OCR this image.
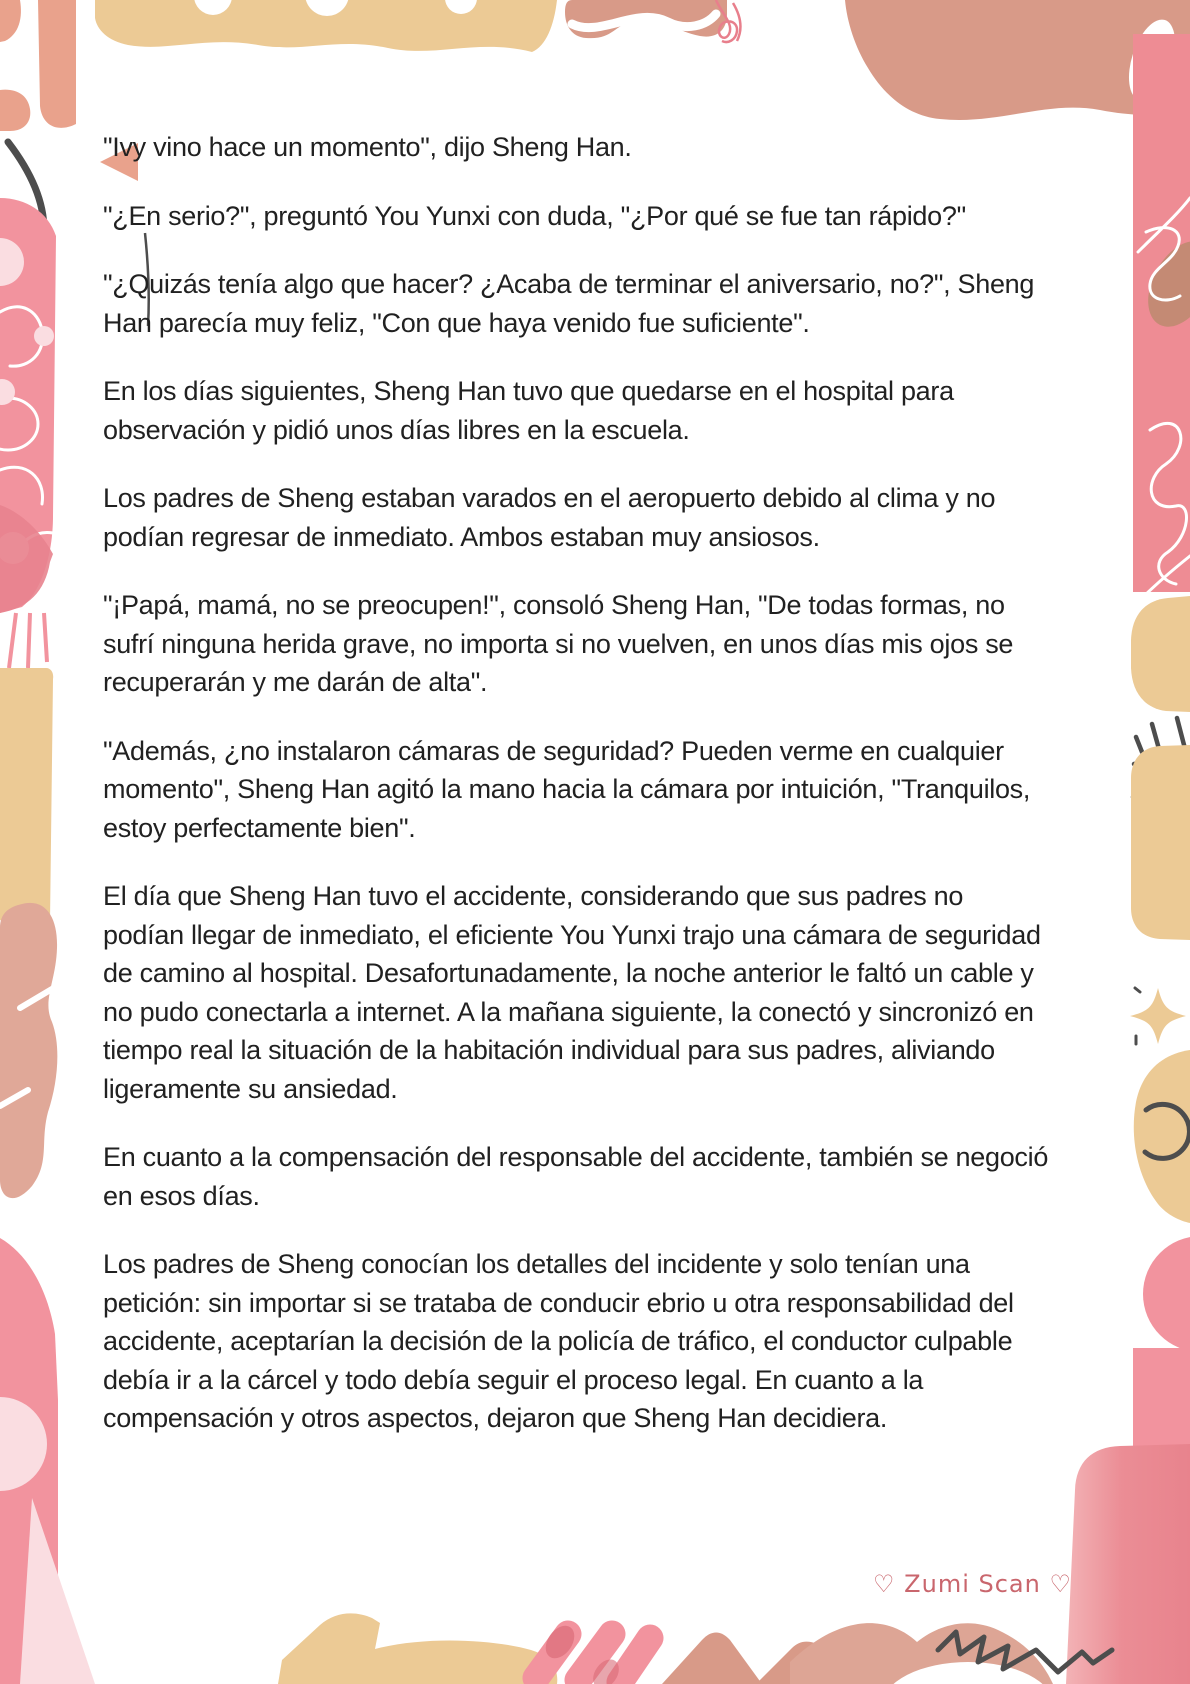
"Ivy vino hace un momento", dijo Sheng Han.

"¿En serio?", preguntó You Yunxi con duda, "¿Por qué se fue tan rápido?"

"¿Quizás tenía algo que hacer? ¿Acaba de terminar el aniversario, no?", Sheng Han parecía muy feliz, "Con que haya venido fue suficiente".

En los días siguientes, Sheng Han tuvo que quedarse en el hospital para observación y pidió unos días libres en la escuela.

Los padres de Sheng estaban varados en el aeropuerto debido al clima y no podían regresar de inmediato. Ambos estaban muy ansiosos.

"¡Papá, mamá, no se preocupen!", consoló Sheng Han, "De todas formas, no sufrí ninguna herida grave, no importa si no vuelven, en unos días mis ojos se recuperarán y me darán de alta".

"Además, ¿no instalaron cámaras de seguridad? Pueden verme en cualquier momento", Sheng Han agitó la mano hacia la cámara por intuición, "Tranquilos, estoy perfectamente bien".

El día que Sheng Han tuvo el accidente, considerando que sus padres no podían llegar de inmediato, el eficiente You Yunxi trajo una cámara de seguridad de camino al hospital. Desafortunadamente, la noche anterior le faltó un cable y no pudo conectarla a internet. A la mañana siguiente, la conectó y sincronizó en tiempo real la situación de la habitación individual para sus padres, aliviando ligeramente su ansiedad.

En cuanto a la compensación del responsable del accidente, también se negoció en esos días.

Los padres de Sheng conocían los detalles del incidente y solo tenían una petición: sin importar si se trataba de conducir ebrio u otra responsabilidad del accidente, aceptarían la decisión de la policía de tráfico, el conductor culpable debía ir a la cárcel y todo debía seguir el proceso legal. En cuanto a la compensación y otros aspectos, dejaron que Sheng Han decidiera.

♡ Zumi Scan ♡
